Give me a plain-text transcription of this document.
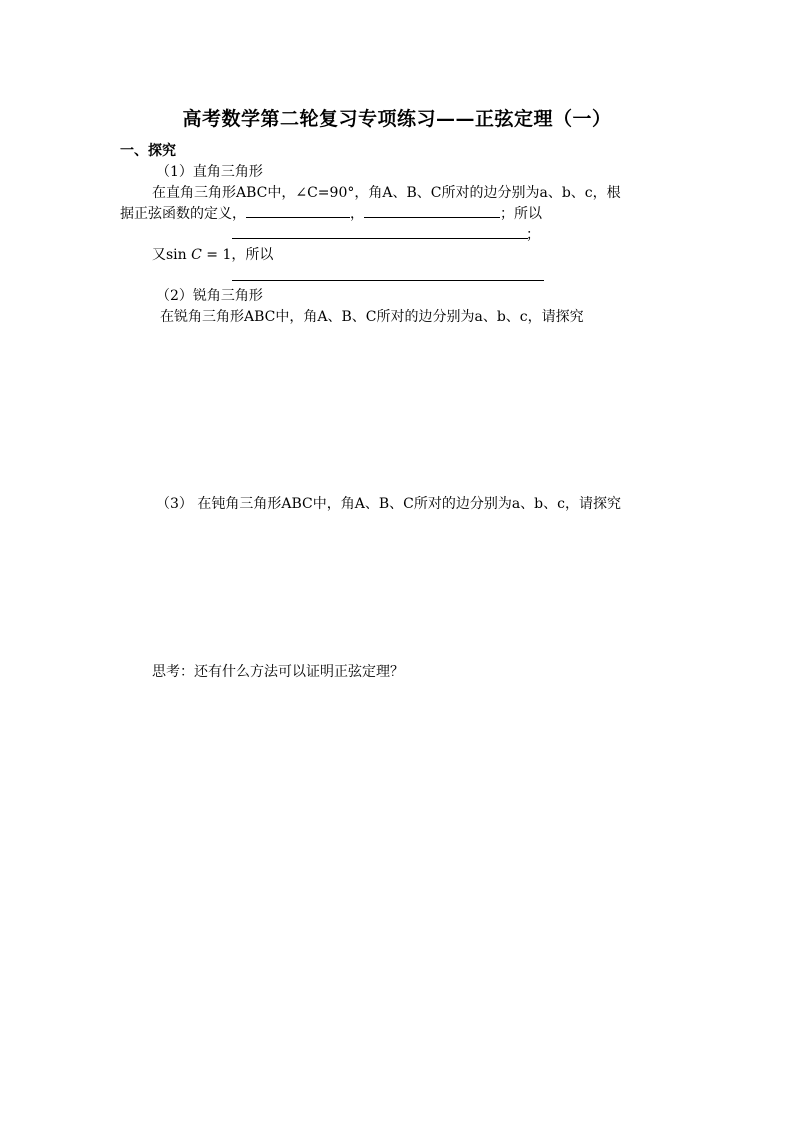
高考数学第二轮复习专项练习——正弦定理（一）
一、探究
（1）直角三角形
在直角三角形ABC中，∠C=90°，角A、B、C所对的边分别为a、b、c，根
据正弦函数的定义，	，	；所以
；
又sin C = 1，所以
（2）锐角三角形
在锐角三角形ABC中，角A、B、C所对的边分别为a、b、c，请探究
（3） 在钝角三角形ABC中，角A、B、C所对的边分别为a、b、c，请探究
思考：还有什么方法可以证明正弦定理？
